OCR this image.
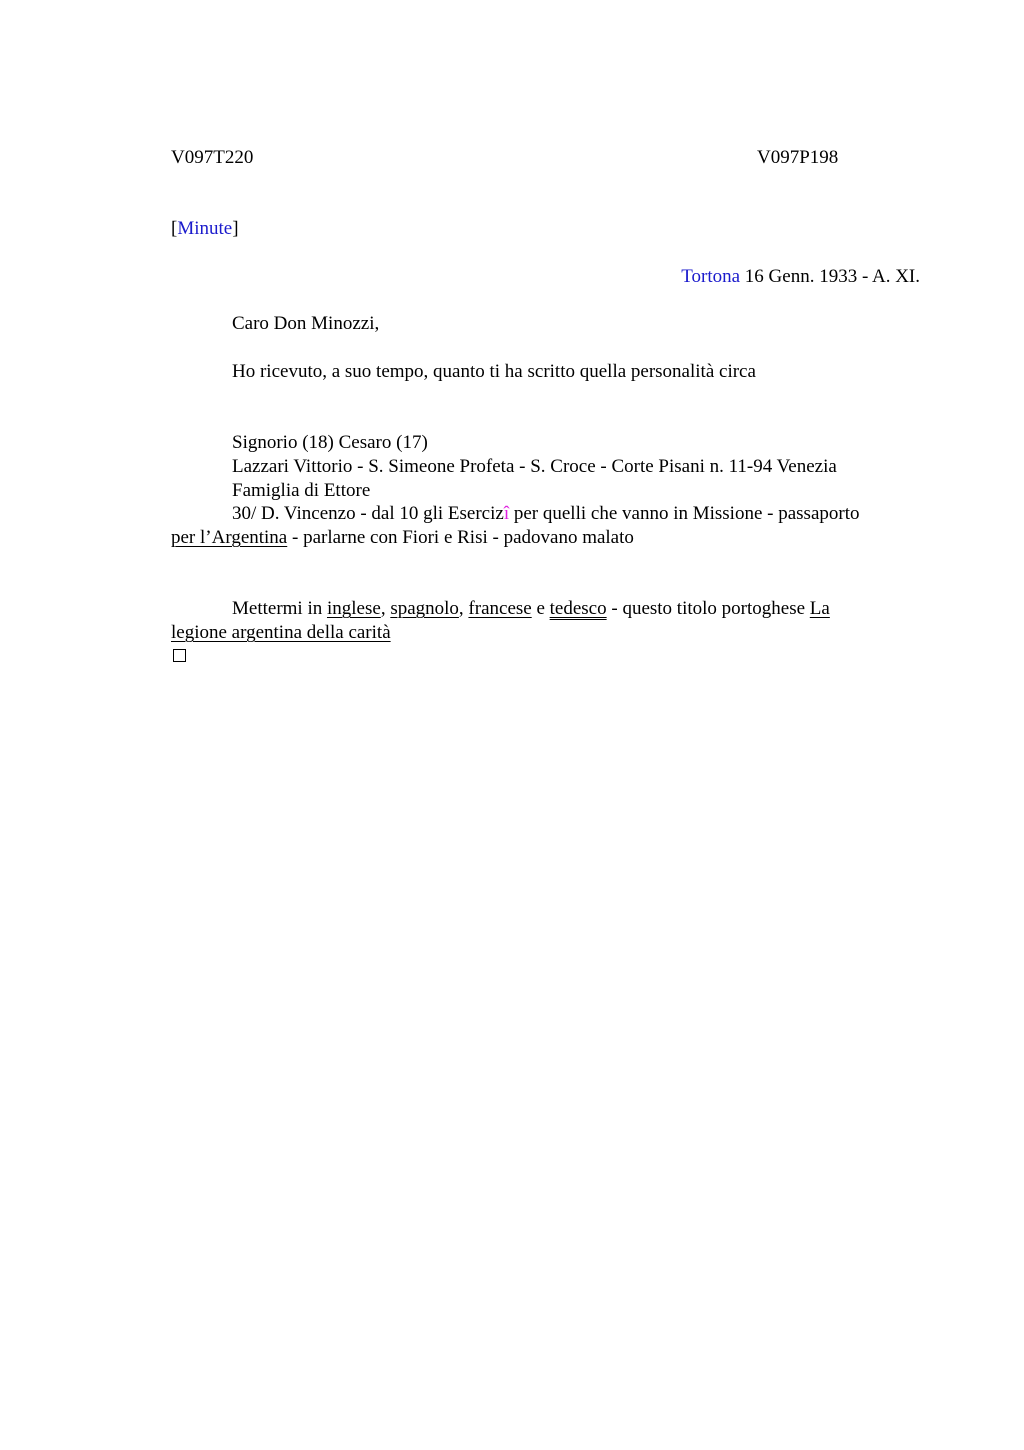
V097T220	V097P198
[Minute]
Tortona 16 Genn. 1933 - A. XI.
Caro Don Minozzi,
Ho ricevuto, a suo tempo, quanto ti ha scritto quella personalità circa
Signorio (18) Cesaro (17)
Lazzari Vittorio - S. Simeone Profeta - S. Croce - Corte Pisani n. 11-94 Venezia
Famiglia di Ettore
30/ D. Vincenzo - dal 10 gli Esercizî per quelli che vanno in Missione - passaporto
per l’Argentina - parlarne con Fiori e Risi - padovano malato
Mettermi in inglese, spagnolo, francese e tedesco - questo titolo portoghese La
legione argentina della carità
